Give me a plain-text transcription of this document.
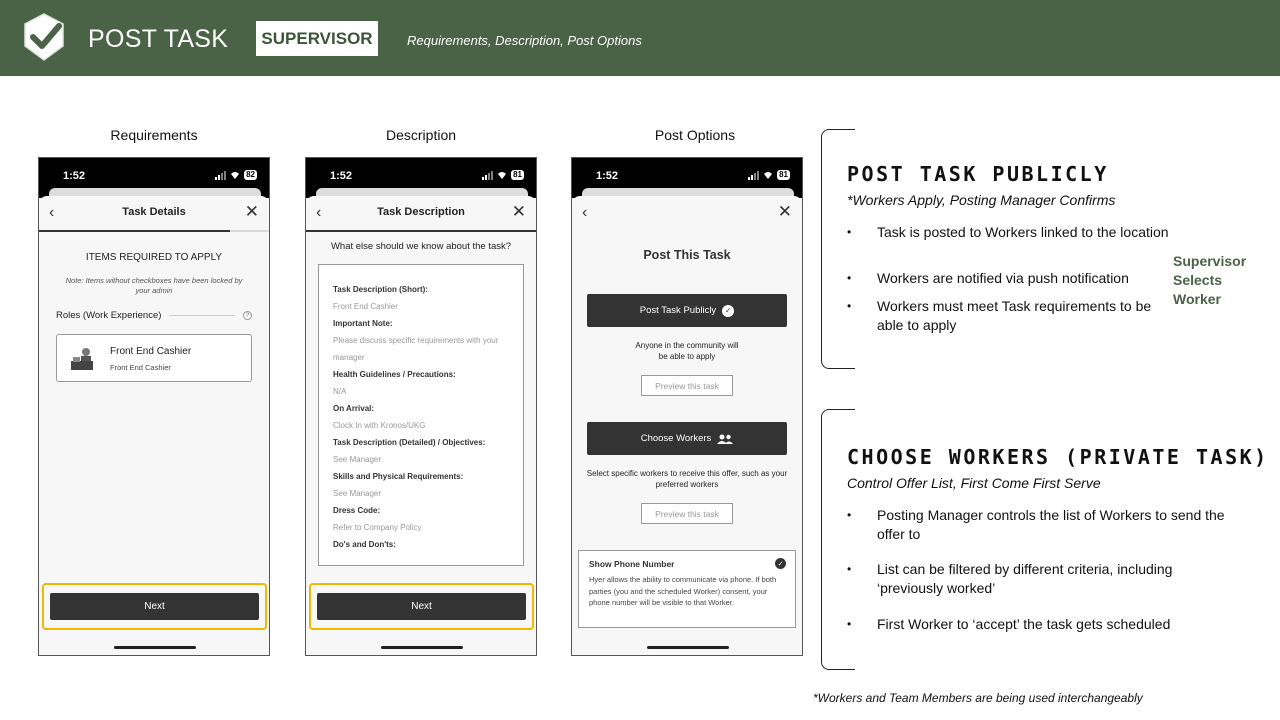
POST TASK	SUPERVISOR	Requirements, Description, Post Options
Requirements	Description	Post Options
1:52	82
‹	Task Details	✕
ITEMS REQUIRED TO APPLY
Note: Items without checkboxes have been locked by your admin
Roles (Work Experience)	?
Front End Cashier
Front End Cashier
Next
1:52	81
‹	Task Description	✕
What else should we know about the task?
Task Description (Short):
Front End Cashier
Important Note:
Please discuss specific requirements with your manager
Health Guidelines / Precautions:
N/A
On Arrival:
Clock In with Kronos/UKG
Task Description (Detailed) / Objectives:
See Manager
Skills and Physical Requirements:
See Manager
Dress Code:
Refer to Company Policy
Do's and Don'ts:
Next
1:52	81
‹	✕
Post This Task
Post Task Publicly	✓
Anyone in the community will be able to apply
Preview this task
Choose Workers
Select specific workers to receive this offer, such as your preferred workers
Preview this task
Show Phone Number
Hyer allows the ability to communicate via phone. If both parties (you and the scheduled Worker) consent, your phone number will be visible to that Worker.
✓
POST TASK PUBLICLY
*Workers Apply, Posting Manager Confirms
•	Task is posted to Workers linked to the location
•	Workers are notified via push notification
•	Workers must meet Task requirements to be able to apply
Supervisor Selects Worker
CHOOSE WORKERS (PRIVATE TASK)
Control Offer List, First Come First Serve
•	Posting Manager controls the list of Workers to send the offer to
•	List can be filtered by different criteria, including ‘previously worked’
•	First Worker to ‘accept’ the task gets scheduled
*Workers and Team Members are being used interchangeably
